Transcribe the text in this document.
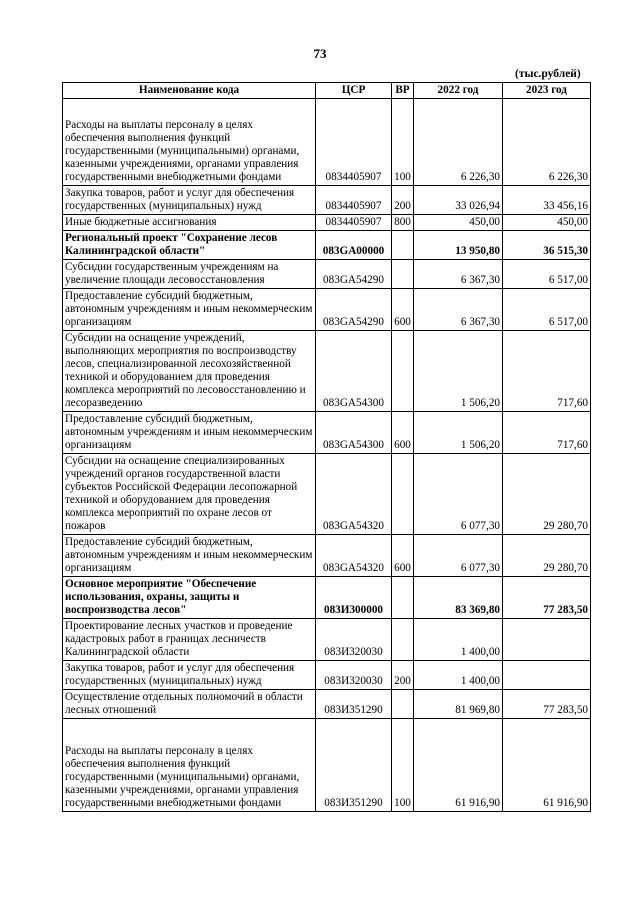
73
(тыс.рублей)
Наименование кода	ЦСР	ВР	2022 год	2023 год
Расходы на выплаты персоналу в целях обеспечения выполнения функций государственными (муниципальными) органами, казенными учреждениями, органами управления государственными внебюджетными фондами	0834405907	100	6 226,30	6 226,30
Закупка товаров, работ и услуг для обеспечения государственных (муниципальных) нужд	0834405907	200	33 026,94	33 456,16
Иные бюджетные ассигнования	0834405907	800	450,00	450,00
Региональный проект "Сохранение лесов Калининградской области"	083GA00000		13 950,80	36 515,30
Субсидии государственным учреждениям на увеличение площади лесовосстановления	083GA54290		6 367,30	6 517,00
Предоставление субсидий бюджетным, автономным учреждениям и иным некоммерческим организациям	083GA54290	600	6 367,30	6 517,00
Субсидии на оснащение учреждений, выполняющих мероприятия по воспроизводству лесов, специализированной лесохозяйственной техникой и оборудованием для проведения комплекса мероприятий по лесовосстановлению и лесоразведению	083GA54300		1 506,20	717,60
Предоставление субсидий бюджетным, автономным учреждениям и иным некоммерческим организациям	083GA54300	600	1 506,20	717,60
Субсидии на оснащение специализированных учреждений органов государственной власти субъектов Российской Федерации лесопожарной техникой и оборудованием для проведения комплекса мероприятий по охране лесов от пожаров	083GA54320		6 077,30	29 280,70
Предоставление субсидий бюджетным, автономным учреждениям и иным некоммерческим организациям	083GA54320	600	6 077,30	29 280,70
Основное мероприятие "Обеспечение использования, охраны, защиты и воспроизводства лесов"	083И300000		83 369,80	77 283,50
Проектирование лесных участков и проведение кадастровых работ в границах лесничеств Калининградской области	083И320030		1 400,00	
Закупка товаров, работ и услуг для обеспечения государственных (муниципальных) нужд	083И320030	200	1 400,00	
Осуществление отдельных полномочий в области лесных отношений	083И351290		81 969,80	77 283,50
Расходы на выплаты персоналу в целях обеспечения выполнения функций государственными (муниципальными) органами, казенными учреждениями, органами управления государственными внебюджетными фондами	083И351290	100	61 916,90	61 916,90
